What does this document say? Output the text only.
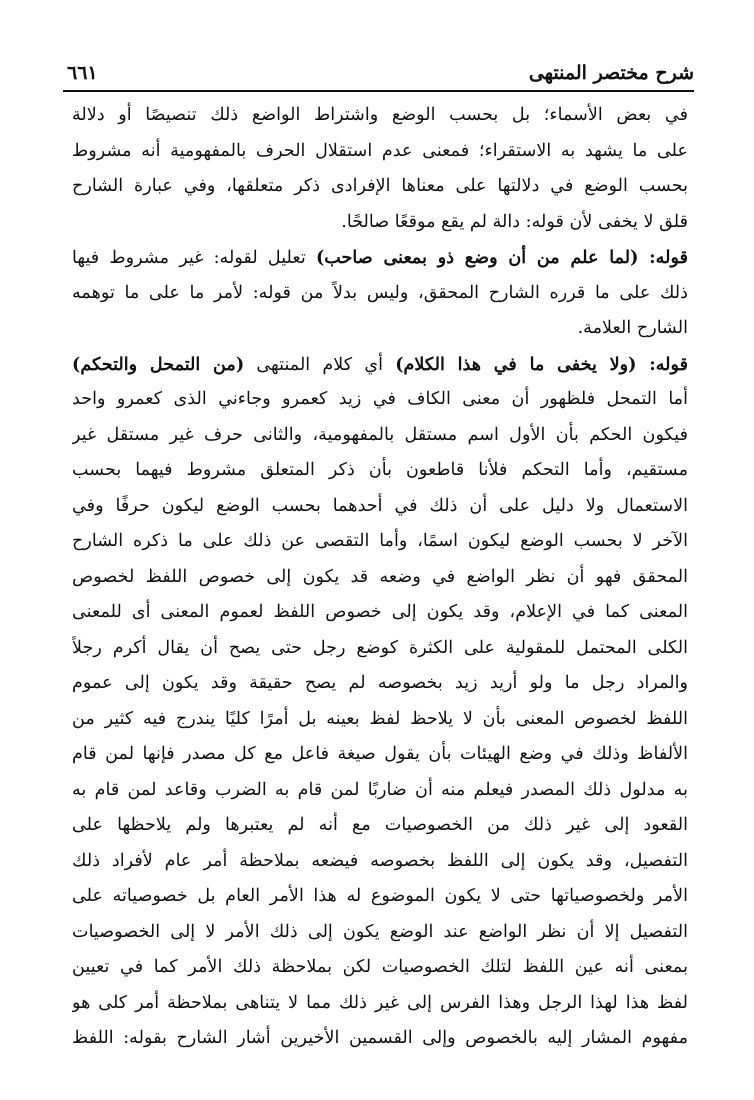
شرح مختصر المنتهى
٦٦١
في بعض الأسماء؛ بل بحسب الوضع واشتراط الواضع ذلك تنصيصًا أو دلالة
على ما يشهد به الاستقراء؛ فمعنى عدم استقلال الحرف بالمفهومية أنه مشروط
بحسب الوضع في دلالتها على معناها الإفرادى ذكر متعلقها، وفي عبارة الشارح
قلق لا يخفى لأن قوله: دالة لم يقع موقعًا صالحًا.
قوله: (لما علم من أن وضع ذو بمعنى صاحب) تعليل لقوله: غير مشروط فيها
ذلك على ما قرره الشارح المحقق، وليس بدلاً من قوله: لأمر ما على ما توهمه
الشارح العلامة.
قوله: (ولا يخفى ما في هذا الكلام) أي كلام المنتهى (من التمحل والتحكم)
أما التمحل فلظهور أن معنى الكاف في زيد كعمرو وجاءني الذى كعمرو واحد
فيكون الحكم بأن الأول اسم مستقل بالمفهومية، والثانى حرف غير مستقل غير
مستقيم، وأما التحكم فلأنا قاطعون بأن ذكر المتعلق مشروط فيهما بحسب
الاستعمال ولا دليل على أن ذلك في أحدهما بحسب الوضع ليكون حرفًا وفي
الآخر لا بحسب الوضع ليكون اسمًا، وأما التقصى عن ذلك على ما ذكره الشارح
المحقق فهو أن نظر الواضع في وضعه قد يكون إلى خصوص اللفظ لخصوص
المعنى كما في الإعلام، وقد يكون إلى خصوص اللفظ لعموم المعنى أى للمعنى
الكلى المحتمل للمقولية على الكثرة كوضع رجل حتى يصح أن يقال أكرم رجلاً
والمراد رجل ما ولو أريد زيد بخصوصه لم يصح حقيقة وقد يكون إلى عموم
اللفظ لخصوص المعنى بأن لا يلاحظ لفظ بعينه بل أمرًا كليًا يندرج فيه كثير من
الألفاظ وذلك في وضع الهيئات بأن يقول صيغة فاعل مع كل مصدر فإنها لمن قام
به مدلول ذلك المصدر فيعلم منه أن ضاربًا لمن قام به الضرب وقاعد لمن قام به
القعود إلى غير ذلك من الخصوصيات مع أنه لم يعتبرها ولم يلاحظها على
التفصيل، وقد يكون إلى اللفظ بخصوصه فيضعه بملاحظة أمر عام لأفراد ذلك
الأمر ولخصوصياتها حتى لا يكون الموضوع له هذا الأمر العام بل خصوصياته على
التفصيل إلا أن نظر الواضع عند الوضع يكون إلى ذلك الأمر لا إلى الخصوصيات
بمعنى أنه عين اللفظ لتلك الخصوصيات لكن بملاحظة ذلك الأمر كما في تعيين
لفظ هذا لهذا الرجل وهذا الفرس إلى غير ذلك مما لا يتناهى بملاحظة أمر كلى هو
مفهوم المشار إليه بالخصوص وإلى القسمين الأخيرين أشار الشارح بقوله: اللفظ
